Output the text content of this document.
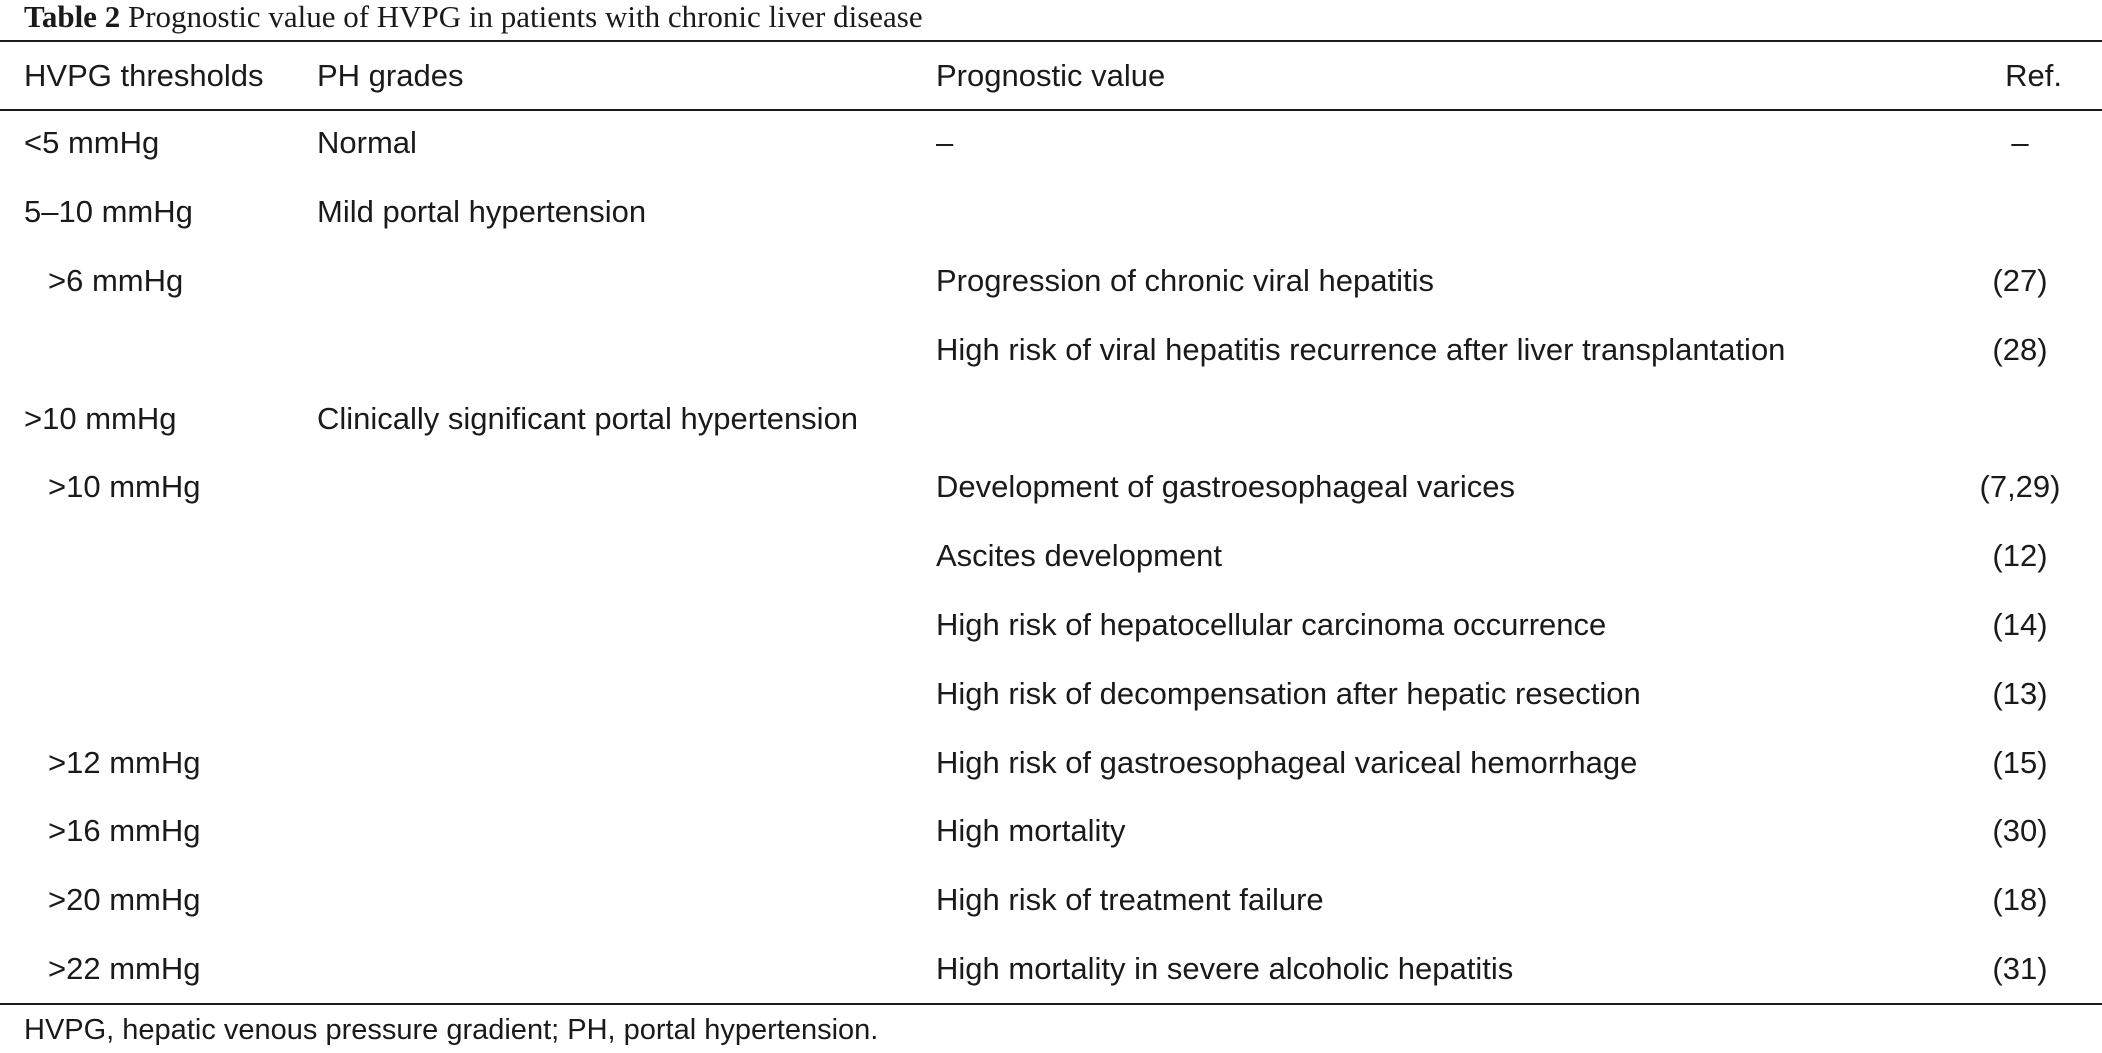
Table 2 Prognostic value of HVPG in patients with chronic liver disease
HVPG thresholds	PH grades	Prognostic value	Ref.
<5 mmHg	Normal	–	–
5–10 mmHg	Mild portal hypertension		
>6 mmHg		Progression of chronic viral hepatitis	(27)
		High risk of viral hepatitis recurrence after liver transplantation	(28)
>10 mmHg	Clinically significant portal hypertension		
>10 mmHg		Development of gastroesophageal varices	(7,29)
		Ascites development	(12)
		High risk of hepatocellular carcinoma occurrence	(14)
		High risk of decompensation after hepatic resection	(13)
>12 mmHg		High risk of gastroesophageal variceal hemorrhage	(15)
>16 mmHg		High mortality	(30)
>20 mmHg		High risk of treatment failure	(18)
>22 mmHg		High mortality in severe alcoholic hepatitis	(31)
HVPG, hepatic venous pressure gradient; PH, portal hypertension.
